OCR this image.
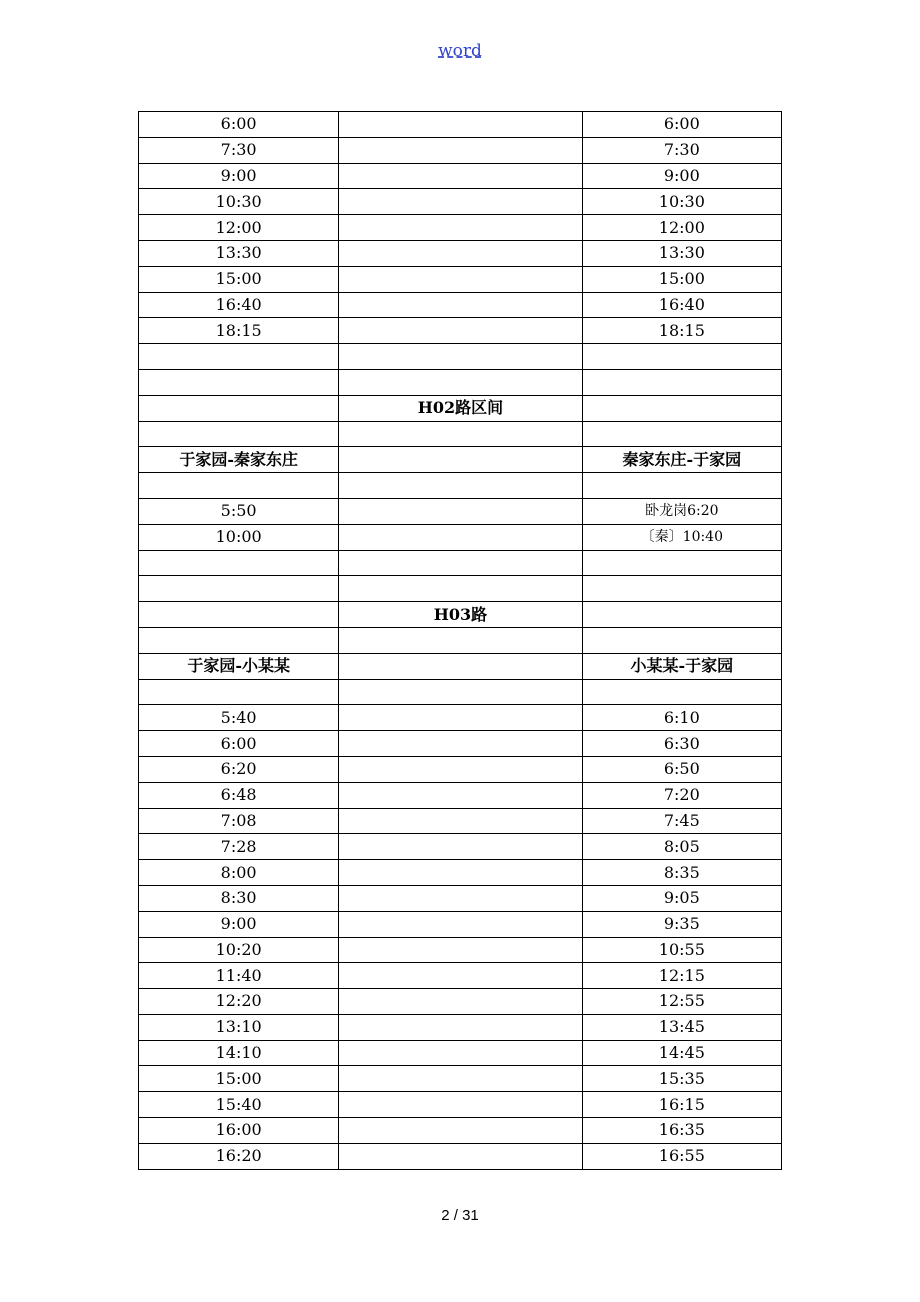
word
6:00		6:00
7:30		7:30
9:00		9:00
10:30		10:30
12:00		12:00
13:30		13:30
15:00		15:00
16:40		16:40
18:15		18:15

	H02路区间	

于家园-秦家东庄		秦家东庄-于家园

5:50		卧龙岗6:20
10:00		〔秦〕10:40

	H03路	

于家园-小某某		小某某-于家园

5:40		6:10
6:00		6:30
6:20		6:50
6:48		7:20
7:08		7:45
7:28		8:05
8:00		8:35
8:30		9:05
9:00		9:35
10:20		10:55
11:40		12:15
12:20		12:55
13:10		13:45
14:10		14:45
15:00		15:35
15:40		16:15
16:00		16:35
16:20		16:55
2 / 31
